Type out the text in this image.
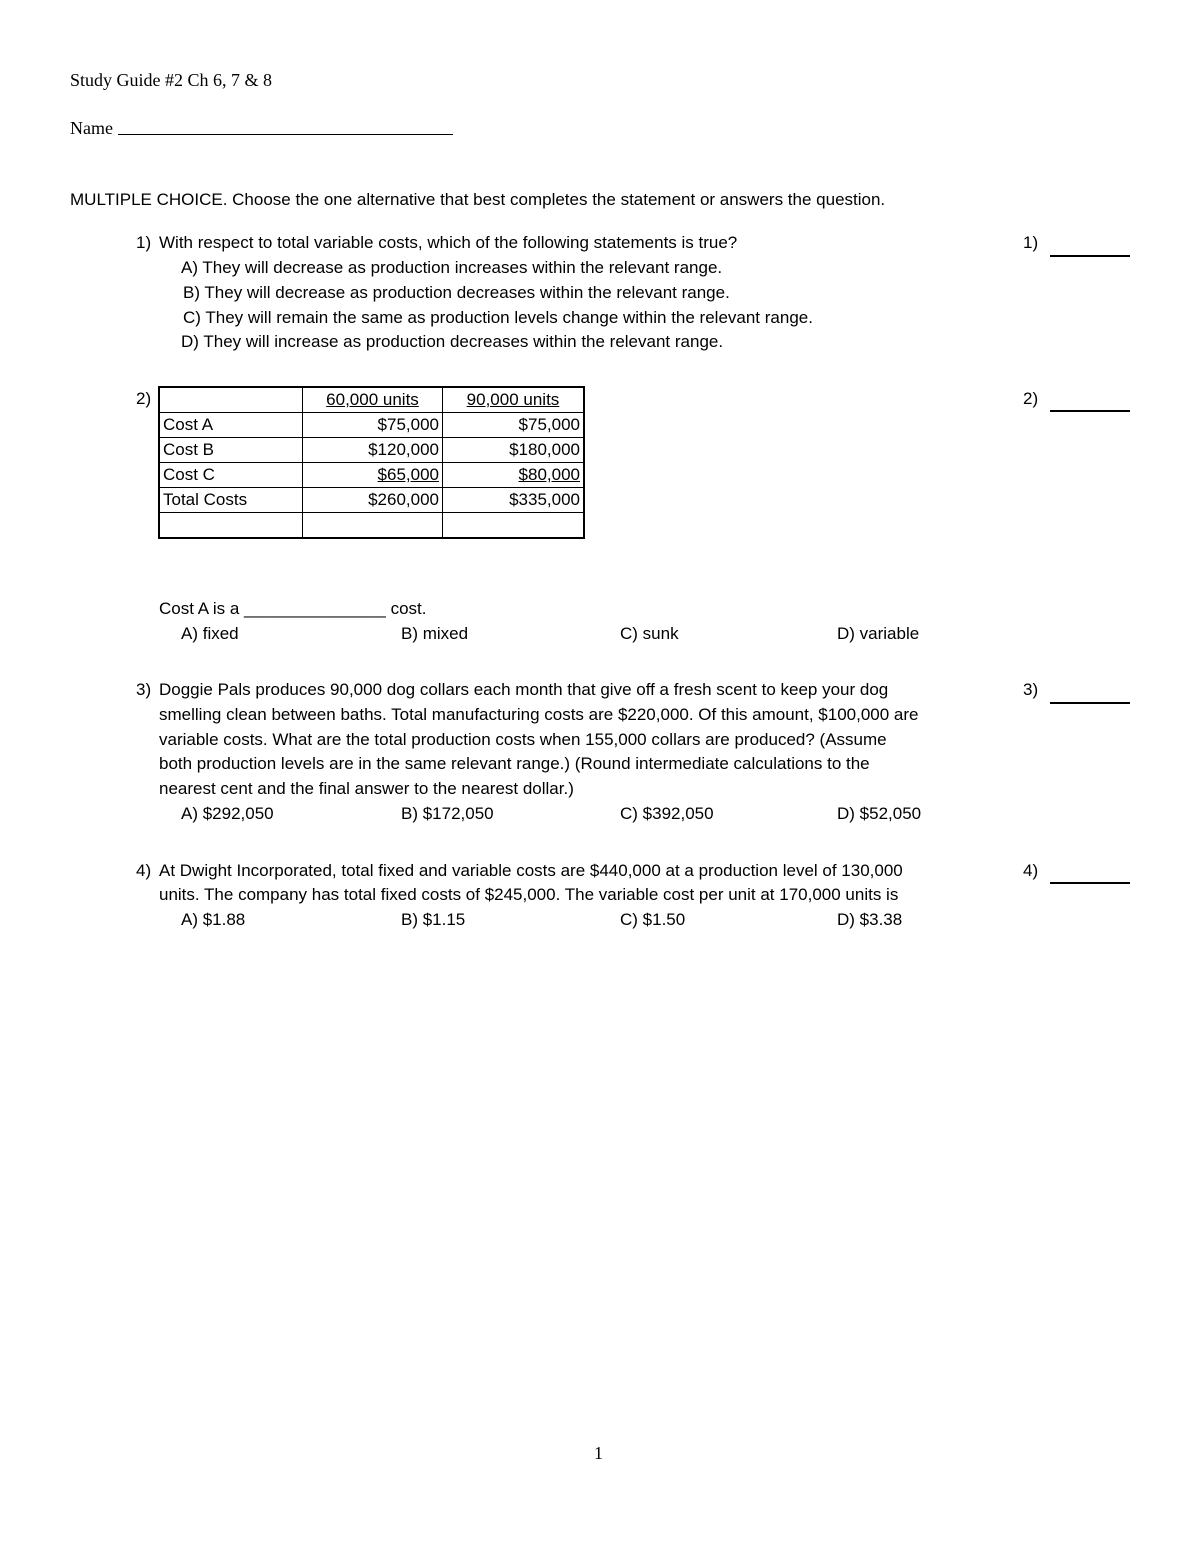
Study Guide #2 Ch 6, 7 & 8
Name
MULTIPLE CHOICE. Choose the one alternative that best completes the statement or answers the question.
1) With respect to total variable costs, which of the following statements is true?
A) They will decrease as production increases within the relevant range.
B) They will decrease as production decreases within the relevant range.
C) They will remain the same as production levels change within the relevant range.
D) They will increase as production decreases within the relevant range.
1)
2)	2)
	60,000 units	90,000 units
Cost A	$75,000	$75,000
Cost B	$120,000	$180,000
Cost C	$65,000	$80,000
Total Costs	$260,000	$335,000

Cost A is a _______________ cost.
A) fixed	B) mixed	C) sunk	D) variable
3) Doggie Pals produces 90,000 dog collars each month that give off a fresh scent to keep your dog
smelling clean between baths. Total manufacturing costs are $220,000. Of this amount, $100,000 are
variable costs. What are the total production costs when 155,000 collars are produced? (Assume
both production levels are in the same relevant range.) (Round intermediate calculations to the
nearest cent and the final answer to the nearest dollar.)
A) $292,050	B) $172,050	C) $392,050	D) $52,050
3)
4) At Dwight Incorporated, total fixed and variable costs are $440,000 at a production level of 130,000
units. The company has total fixed costs of $245,000. The variable cost per unit at 170,000 units is
A) $1.88	B) $1.15	C) $1.50	D) $3.38
4)
1
